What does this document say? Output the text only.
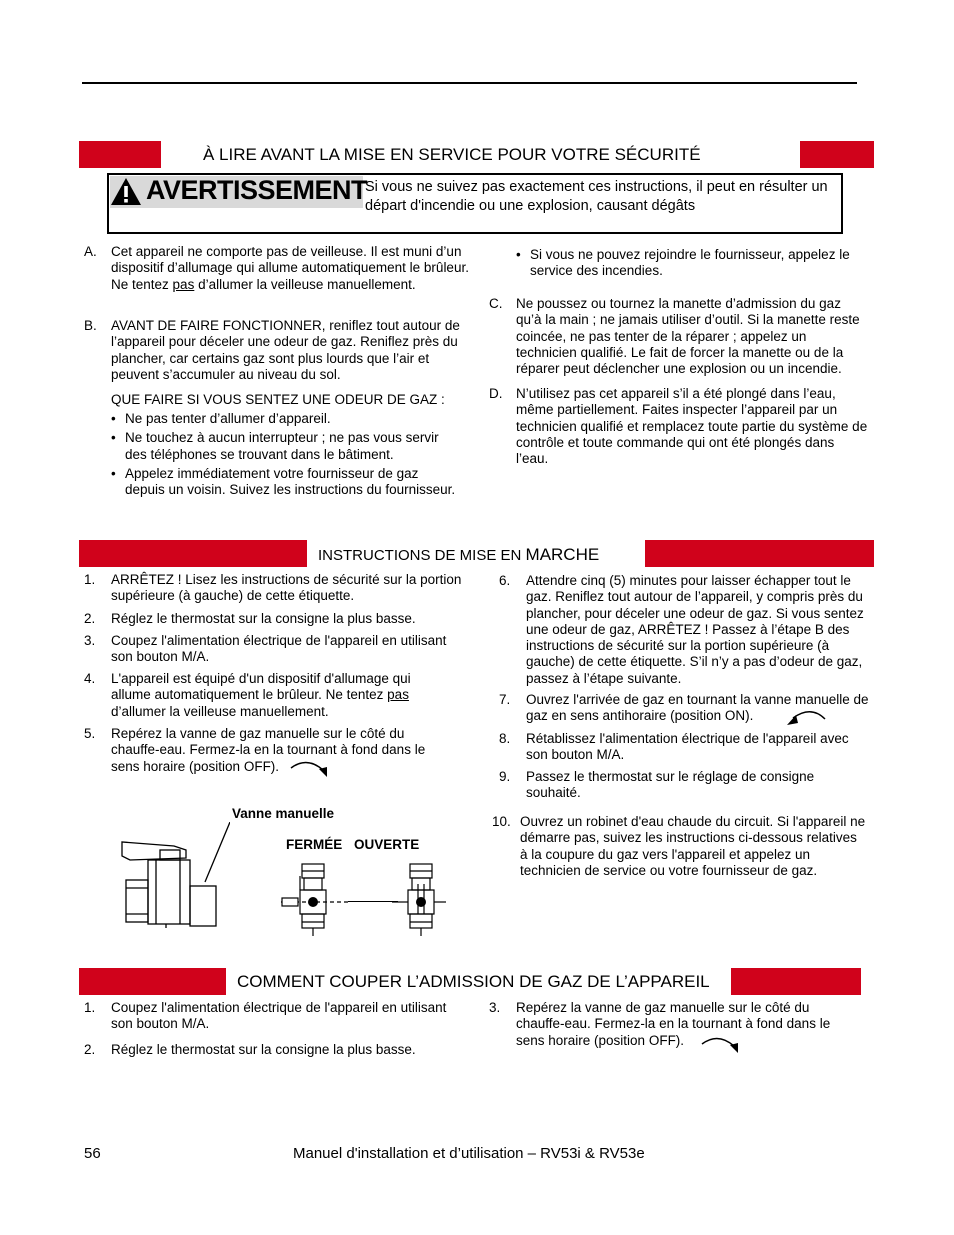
À LIRE AVANT LA MISE EN SERVICE POUR VOTRE SÉCURITÉ
AVERTISSEMENT
Si vous ne suivez pas exactement ces instructions, il peut en résulter un départ d'incendie ou une explosion, causant dégâts
A. Cet appareil ne comporte pas de veilleuse. Il est muni d’un dispositif d’allumage qui allume automatiquement le brûleur. Ne tentez pas d’allumer la veilleuse manuellement.
B. AVANT DE FAIRE FONCTIONNER, reniflez tout autour de l’appareil pour déceler une odeur de gaz. Reniflez près du plancher, car certains gaz sont plus lourds que l’air et peuvent s’accumuler au niveau du sol.
QUE FAIRE SI VOUS SENTEZ UNE ODEUR DE GAZ :
• Ne pas tenter d’allumer d’appareil.
• Ne touchez à aucun interrupteur ; ne pas vous servir des téléphones se trouvant dans le bâtiment.
• Appelez immédiatement votre fournisseur de gaz depuis un voisin. Suivez les instructions du fournisseur.
• Si vous ne pouvez rejoindre le fournisseur, appelez le service des incendies.
C. Ne poussez ou tournez la manette d’admission du gaz qu’à la main ; ne jamais utiliser d’outil. Si la manette reste coincée, ne pas tenter de la réparer ; appelez un technicien qualifié. Le fait de forcer la manette ou de la réparer peut déclencher une explosion ou un incendie.
D. N’utilisez pas cet appareil s’il a été plongé dans l’eau, même partiellement. Faites inspecter l’appareil par un technicien qualifié et remplacez toute partie du système de contrôle et toute commande qui ont été plongés dans l’eau.
INSTRUCTIONS DE MISE EN MARCHE
1. ARRÊTEZ ! Lisez les instructions de sécurité sur la portion supérieure (à gauche) de cette étiquette.
2. Réglez le thermostat sur la consigne la plus basse.
3. Coupez l'alimentation électrique de l'appareil en utilisant son bouton M/A.
4. L'appareil est équipé d'un dispositif d'allumage qui allume automatiquement le brûleur. Ne tentez pas d’allumer la veilleuse manuellement.
5. Repérez la vanne de gaz manuelle sur le côté du chauffe-eau. Fermez-la en la tournant à fond dans le sens horaire (position OFF).
6. Attendre cinq (5) minutes pour laisser échapper tout le gaz. Reniflez tout autour de l’appareil, y compris près du plancher, pour déceler une odeur de gaz. Si vous sentez une odeur de gaz, ARRÊTEZ ! Passez à l’étape B des instructions de sécurité sur la portion supérieure (à gauche) de cette étiquette. S’il n’y a pas d’odeur de gaz, passez à l’étape suivante.
7. Ouvrez l'arrivée de gaz en tournant la vanne manuelle de gaz en sens antihoraire (position ON).
8. Rétablissez l'alimentation électrique de l'appareil avec son bouton M/A.
9. Passez le thermostat sur le réglage de consigne souhaité.
10. Ouvrez un robinet d'eau chaude du circuit. Si l'appareil ne démarre pas, suivez les instructions ci-dessous relatives à la coupure du gaz vers l'appareil et appelez un technicien de service ou votre fournisseur de gaz.
Vanne manuelle
FERMÉE OUVERTE
COMMENT COUPER L’ADMISSION DE GAZ DE L’APPAREIL
1. Coupez l'alimentation électrique de l'appareil en utilisant son bouton M/A.
2. Réglez le thermostat sur la consigne la plus basse.
3. Repérez la vanne de gaz manuelle sur le côté du chauffe-eau. Fermez-la en la tournant à fond dans le sens horaire (position OFF).
56	Manuel d'installation et d’utilisation – RV53i & RV53e
